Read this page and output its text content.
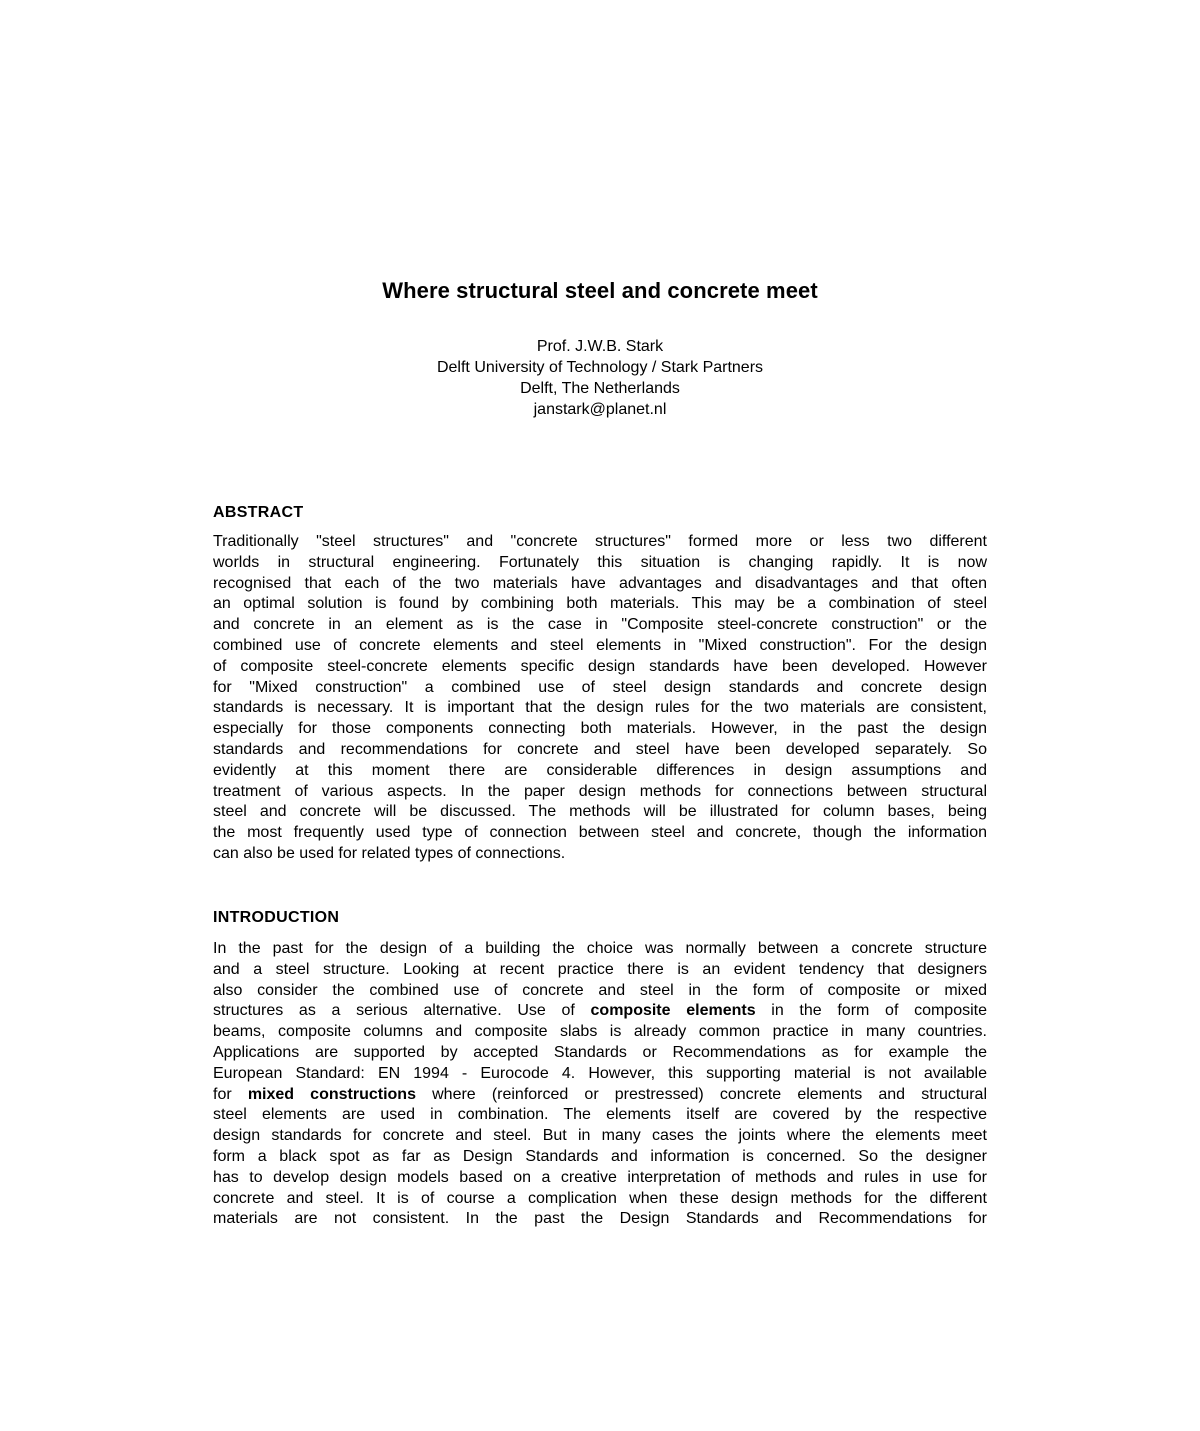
Where structural steel and concrete meet
Prof. J.W.B. Stark
Delft University of Technology / Stark Partners
Delft, The Netherlands
janstark@planet.nl
ABSTRACT
Traditionally "steel structures" and "concrete structures" formed more or less two different
worlds in structural engineering. Fortunately this situation is changing rapidly. It is now
recognised that each of the two materials have advantages and disadvantages and that often
an optimal solution is found by combining both materials. This may be a combination of steel
and concrete in an element as is the case in "Composite steel-concrete construction" or the
combined use of concrete elements and steel elements in "Mixed construction". For the design
of composite steel-concrete elements specific design standards have been developed. However
for "Mixed construction" a combined use of steel design standards and concrete design
standards is necessary. It is important that the design rules for the two materials are consistent,
especially for those components connecting both materials. However, in the past the design
standards and recommendations for concrete and steel have been developed separately. So
evidently at this moment there are considerable differences in design assumptions and
treatment of various aspects. In the paper design methods for connections between structural
steel and concrete will be discussed. The methods will be illustrated for column bases, being
the most frequently used type of connection between steel and concrete, though the information
can also be used for related types of connections.
INTRODUCTION
In the past for the design of a building the choice was normally between a concrete structure
and a steel structure. Looking at recent practice there is an evident tendency that designers
also consider the combined use of concrete and steel in the form of composite or mixed
structures as a serious alternative. Use of composite elements in the form of composite
beams, composite columns and composite slabs is already common practice in many countries.
Applications are supported by accepted Standards or Recommendations as for example the
European Standard: EN 1994 - Eurocode 4. However, this supporting material is not available
for mixed constructions where (reinforced or prestressed) concrete elements and structural
steel elements are used in combination. The elements itself are covered by the respective
design standards for concrete and steel. But in many cases the joints where the elements meet
form a black spot as far as Design Standards and information is concerned. So the designer
has to develop design models based on a creative interpretation of methods and rules in use for
concrete and steel. It is of course a complication when these design methods for the different
materials are not consistent. In the past the Design Standards and Recommendations for
